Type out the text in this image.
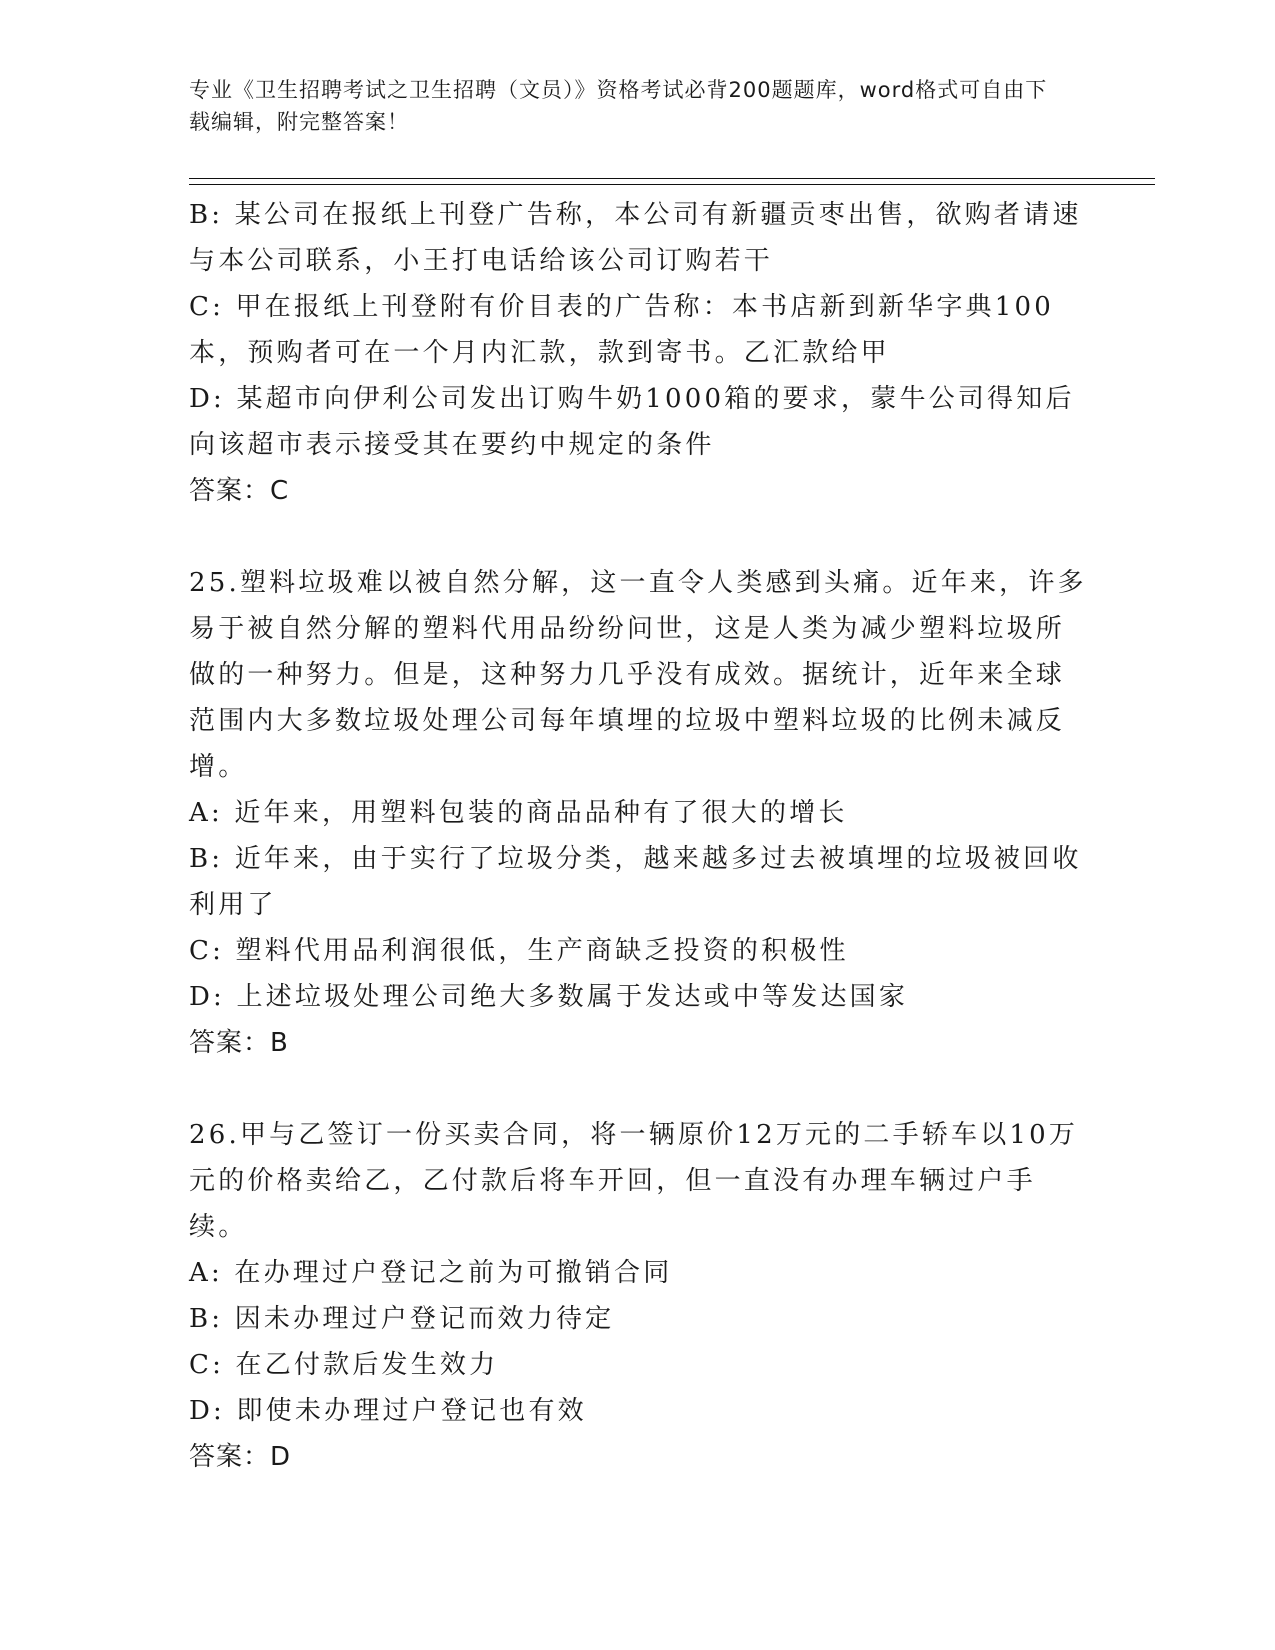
专业《卫生招聘考试之卫生招聘（文员）》资格考试必背200题题库，word格式可自由下载编辑，附完整答案！

B: 某公司在报纸上刊登广告称，本公司有新疆贡枣出售，欲购者请速与本公司联系，小王打电话给该公司订购若干

C: 甲在报纸上刊登附有价目表的广告称：本书店新到新华字典100本，预购者可在一个月内汇款，款到寄书。乙汇款给甲

D: 某超市向伊利公司发出订购牛奶1000箱的要求，蒙牛公司得知后向该超市表示接受其在要约中规定的条件

答案：C

25.塑料垃圾难以被自然分解，这一直令人类感到头痛。近年来，许多易于被自然分解的塑料代用品纷纷问世，这是人类为减少塑料垃圾所做的一种努力。但是，这种努力几乎没有成效。据统计，近年来全球范围内大多数垃圾处理公司每年填埋的垃圾中塑料垃圾的比例未减反增。

A: 近年来，用塑料包装的商品品种有了很大的增长

B: 近年来，由于实行了垃圾分类，越来越多过去被填埋的垃圾被回收利用了

C: 塑料代用品利润很低，生产商缺乏投资的积极性

D: 上述垃圾处理公司绝大多数属于发达或中等发达国家

答案：B

26.甲与乙签订一份买卖合同，将一辆原价12万元的二手轿车以10万元的价格卖给乙，乙付款后将车开回，但一直没有办理车辆过户手续。

A: 在办理过户登记之前为可撤销合同

B: 因未办理过户登记而效力待定

C: 在乙付款后发生效力

D: 即使未办理过户登记也有效

答案：D
